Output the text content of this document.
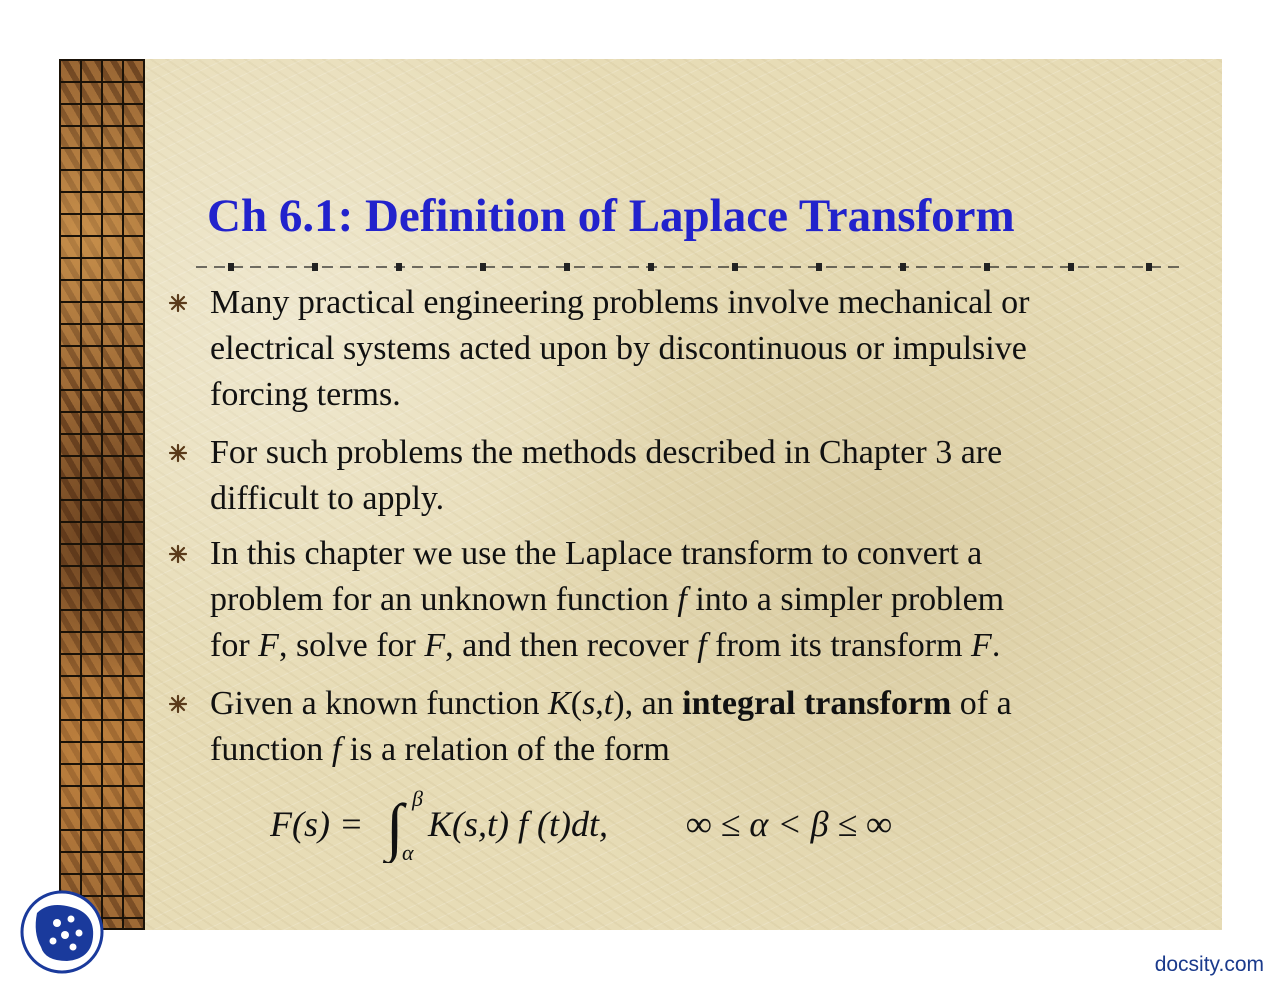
Ch 6.1: Definition of Laplace Transform

Many practical engineering problems involve mechanical or

electrical systems acted upon by discontinuous or impulsive

forcing terms.

For such problems the methods described in Chapter 3 are

difficult to apply.

In this chapter we use the Laplace transform to convert a

problem for an unknown function f into a simpler problem

for F, solve for F, and then recover f from its transform F.

Given a known function K(s,t), an integral transform of a

function f is a relation of the form

F(s) = ∫ β
α
K(s,t) f (t)dt, ∞ ≤ α < β ≤ ∞
docsity.com
